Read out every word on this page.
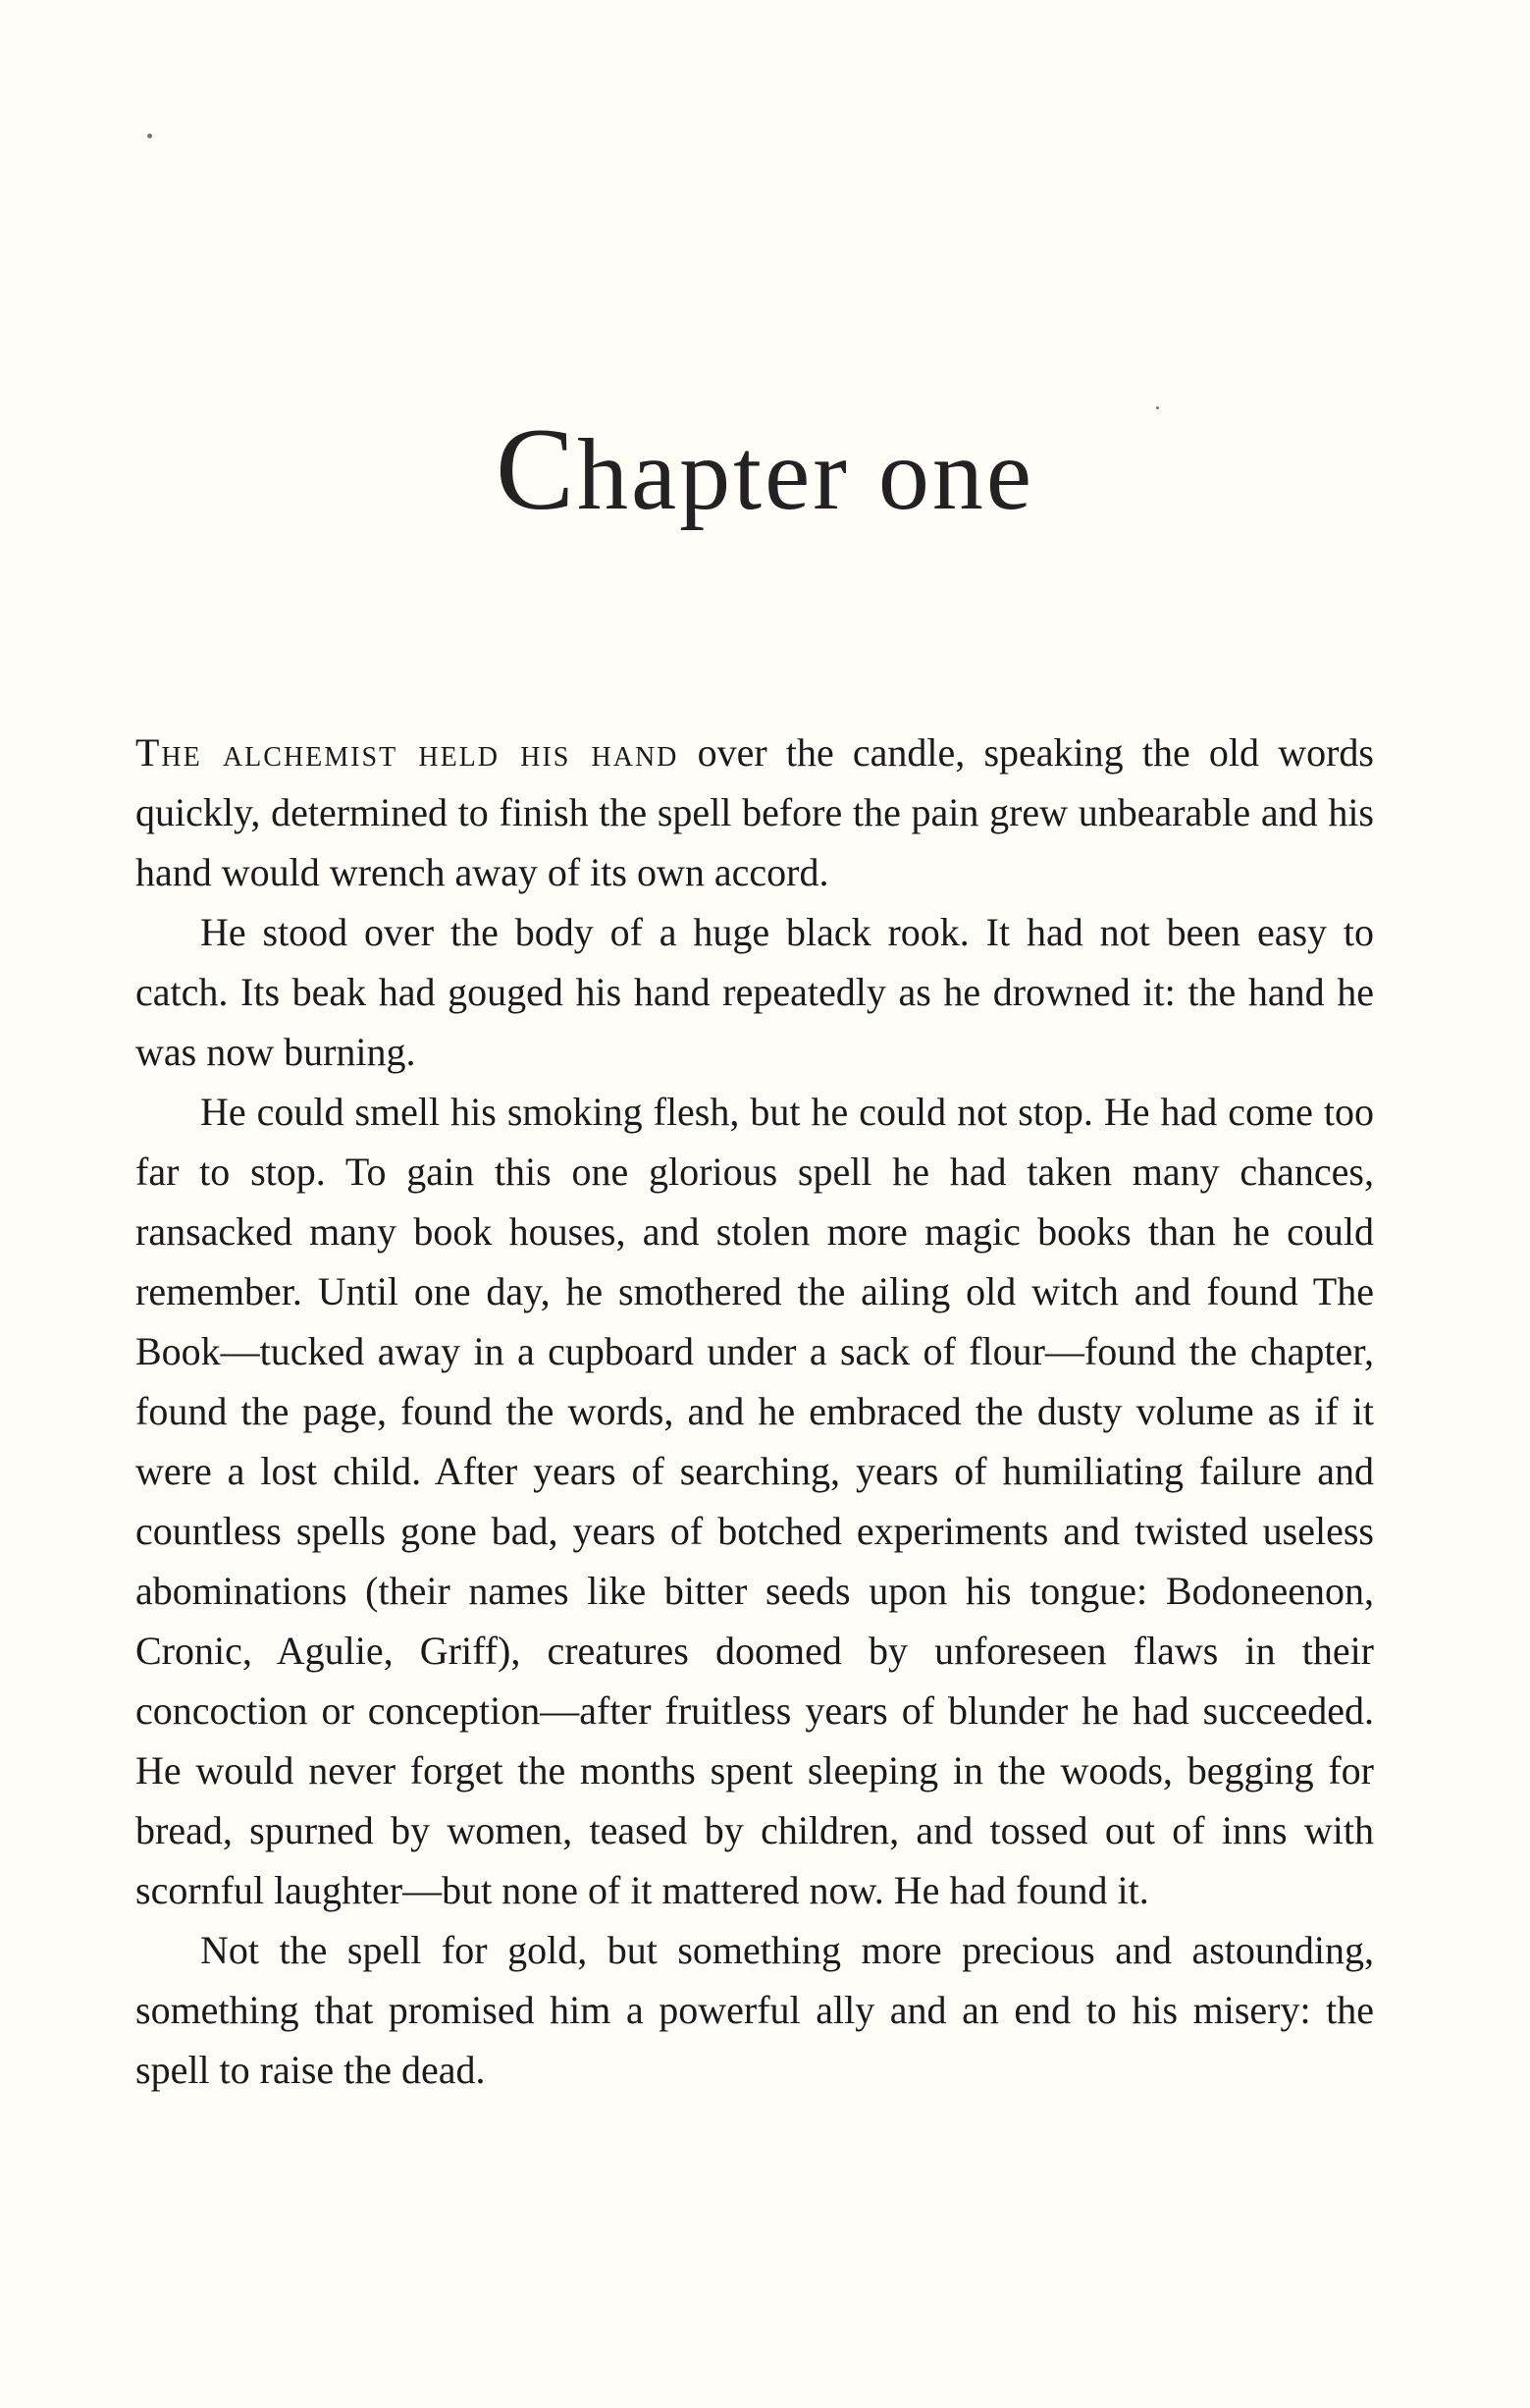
Chapter one

The alchemist held his hand over the candle, speaking the old words quickly, determined to finish the spell before the pain grew unbearable and his hand would wrench away of its own accord.

He stood over the body of a huge black rook. It had not been easy to catch. Its beak had gouged his hand repeatedly as he drowned it: the hand he was now burning.

He could smell his smoking flesh, but he could not stop. He had come too far to stop. To gain this one glorious spell he had taken many chances, ransacked many book houses, and stolen more magic books than he could remember. Until one day, he smothered the ailing old witch and found The Book—tucked away in a cupboard under a sack of flour—found the chapter, found the page, found the words, and he embraced the dusty volume as if it were a lost child. After years of searching, years of humiliating failure and countless spells gone bad, years of botched experiments and twisted useless abominations (their names like bitter seeds upon his tongue: Bodoneenon, Cronic, Agulie, Griff), creatures doomed by unforeseen flaws in their concoction or conception—after fruitless years of blunder he had succeeded. He would never forget the months spent sleeping in the woods, begging for bread, spurned by women, teased by children, and tossed out of inns with scornful laughter—but none of it mattered now. He had found it.

Not the spell for gold, but something more precious and astounding, something that promised him a powerful ally and an end to his misery: the spell to raise the dead.
